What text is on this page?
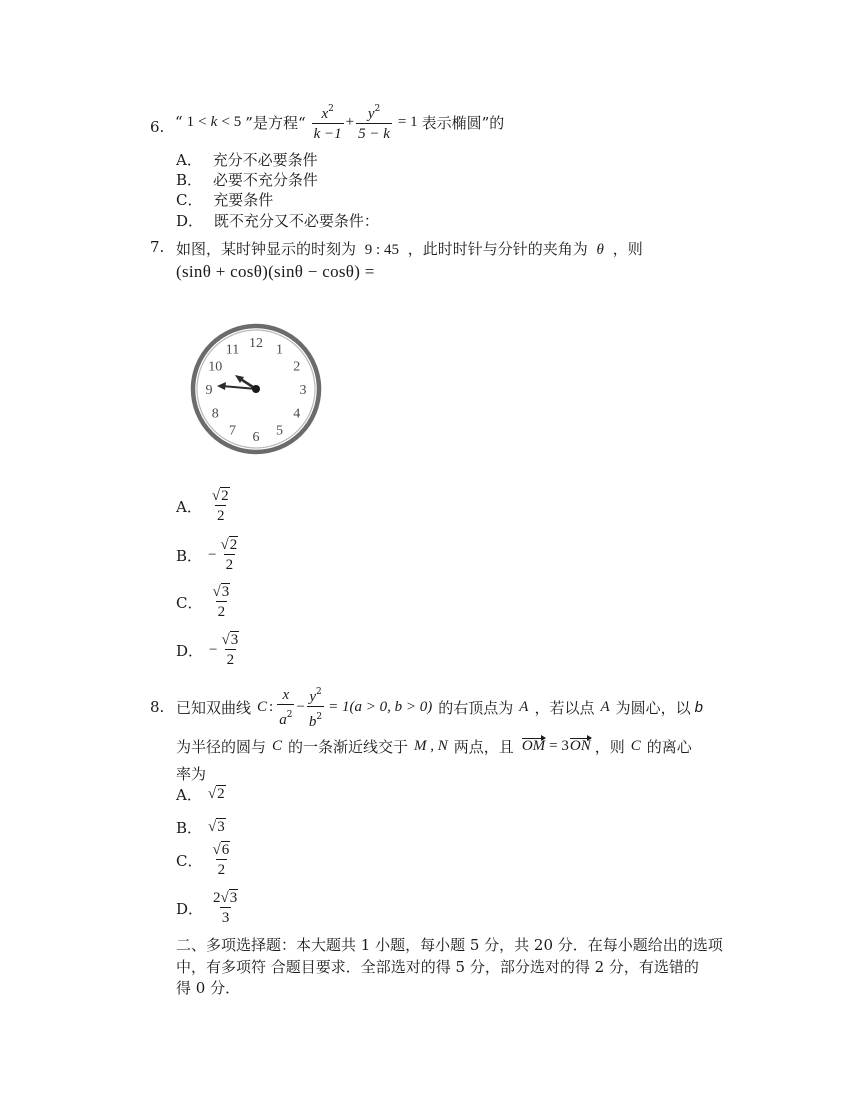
6. “ 1 < k < 5 ”是方程“ $\frac{x^2}{k -1} + \frac{y^2}{5 - k} = 1$ 表示椭圆”的
A． 充分不必要条件
B． 必要不充分条件
C． 充要条件
D． 既不充分又不必要条件：
7. 如图，某时钟显示的时刻为 9 : 45 ，此时时针与分针的夹角为 θ ，则
(sinθ + cosθ)(sinθ − cosθ) =
12 1
2
3
4
5
6
7
8
9
10
11
A． $\frac{√2}{2}$
B． − $\frac{√2}{2}$
C． $\frac{√3}{2}$
D． − $\frac{√3}{2}$
8. 已知双曲线 C : $\frac{x}{a^2} - \frac{y^2}{b^2} = 1(a > 0$, b > 0) 的右顶点为 A ，若以点 A 为圆心，以 b
为半径的圆与 C 的一条渐近线交于 M , N 两点，且 OM = 3 ON ，则 C 的离心
率为
A． √2
B． √3
C． $\frac{√6}{2}$
D． $\frac{2√3}{3}$
二、多项选择题：本大题共 1 小题，每小题 5 分，共 20 分．在每小题给出的选项
中，有多项符 合题目要求．全部选对的得 5 分，部分选对的得 2 分，有选错的
得 0 分．
